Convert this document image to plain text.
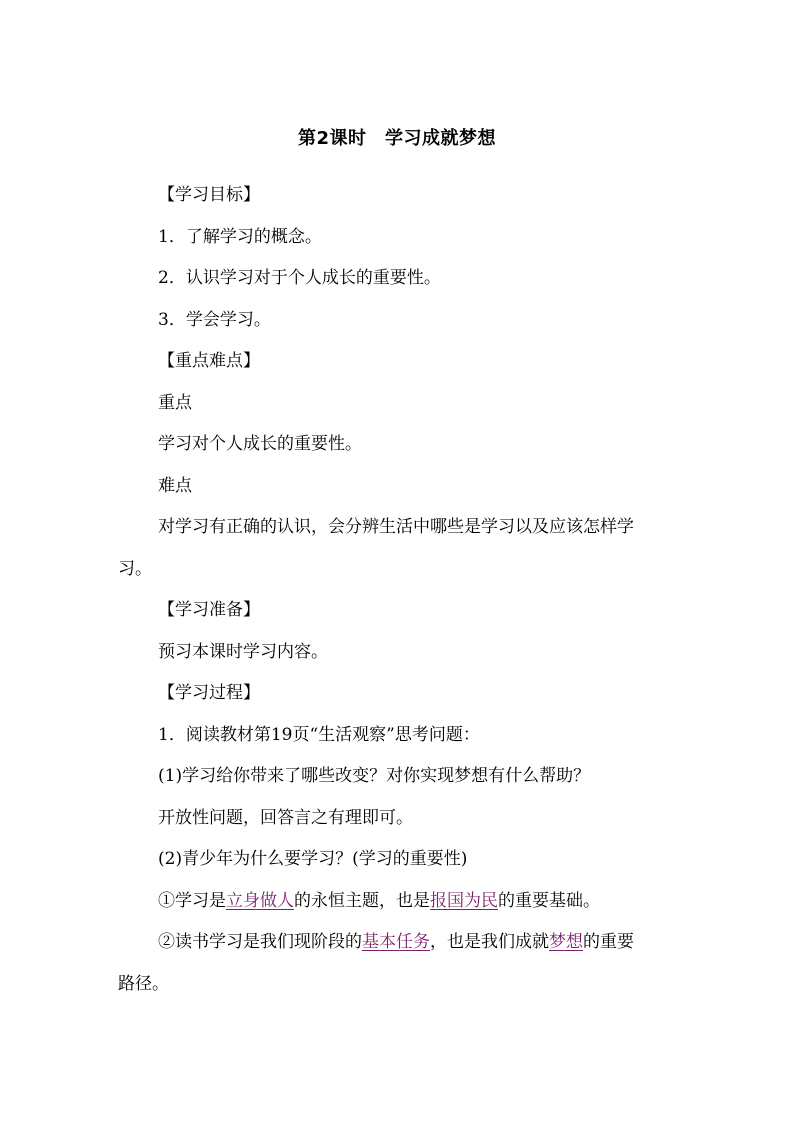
第2课时　学习成就梦想
【学习目标】
1．了解学习的概念。
2．认识学习对于个人成长的重要性。
3．学会学习。
【重点难点】
重点
学习对个人成长的重要性。
难点
对学习有正确的认识，会分辨生活中哪些是学习以及应该怎样学
习。
【学习准备】
预习本课时学习内容。
【学习过程】
1．阅读教材第19页“生活观察”思考问题：
(1)学习给你带来了哪些改变？对你实现梦想有什么帮助？
开放性问题，回答言之有理即可。
(2)青少年为什么要学习？(学习的重要性)
①学习是立身做人的永恒主题，也是报国为民的重要基础。
②读书学习是我们现阶段的基本任务，也是我们成就梦想的重要
路径。
